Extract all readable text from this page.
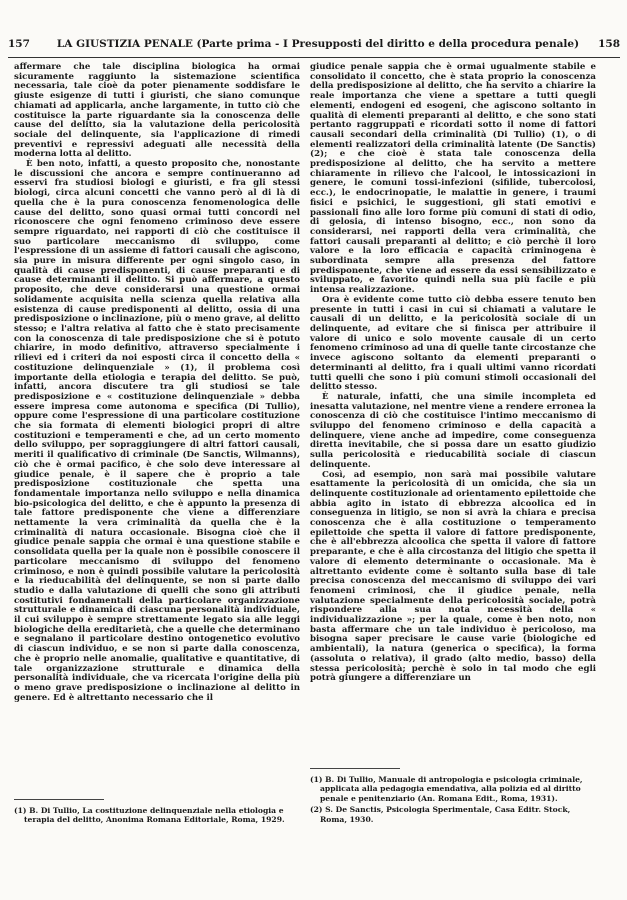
157	LA GIUSTIZIA PENALE (Parte prima - I Presupposti del diritto e della procedura penale)	158

affermare che tale disciplina biologica ha ormai sicuramente raggiunto la sistemazione scientifica necessaria, tale cioè da poter pienamente soddisfare le giuste esigenze di tutti i giuristi, che siano comunque chiamati ad applicarla, anche largamente, in tutto ciò che costituisce la parte riguardante sia la conoscenza delle cause del delitto, sia la valutazione della pericolosità sociale del delinquente, sia l'applicazione di rimedi preventivi e repressivi adeguati alle necessità della moderna lotta al delitto.

È ben noto, infatti, a questo proposito che, nonostante le discussioni che ancora e sempre continueranno ad esservi fra studiosi biologi e giuristi, e fra gli stessi biologi, circa alcuni concetti che vanno però al di là di quella che è la pura conoscenza fenomenologica delle cause del delitto, sono quasi ormai tutti concordi nel riconoscere che ogni fenomeno criminoso deve essere sempre riguardato, nei rapporti di ciò che costituisce il suo particolare meccanismo di sviluppo, come l'espressione di un assieme di fattori causali che agiscono, sia pure in misura differente per ogni singolo caso, in qualità di cause predisponenti, di cause preparanti e di cause determinanti il delitto. Si può affermare, a questo proposito, che deve considerarsi una questione ormai solidamente acquisita nella scienza quella relativa alla esistenza di cause predisponenti al delitto, ossia di una predisposizione o inclinazione, più o meno grave, al delitto stesso; e l'altra relativa al fatto che è stato precisamente con la conoscenza di tale predisposizione che si è potuto chiarire, in modo definitivo, attraverso specialmente i rilievi ed i criteri da noi esposti circa il concetto della « costituzione delinquenziale » (1), il problema così importante della etiologia e terapia del delitto. Se può, infatti, ancora discutere tra gli studiosi se tale predisposizione e « costituzione delinquenziale » debba essere impresa come autonoma e specifica (Di Tullio), oppure come l'espressione di una particolare costituzione che sia formata di elementi biologici propri di altre costituzioni e temperamenti e che, ad un certo momento dello sviluppo, per sopraggiungere di altri fattori causali, meriti il qualificativo di criminale (De Sanctis, Wilmanns), ciò che è ormai pacifico, è che solo deve interessare al giudice penale, è il sapere che è proprio a tale predisposizione costituzionale che spetta una fondamentale importanza nello sviluppo e nella dinamica bio-psicologica del delitto, e che è appunto la presenza di tale fattore predisponente che viene a differenziare nettamente la vera criminalità da quella che è la criminalità di natura occasionale. Bisogna cioè che il giudice penale sappia che ormai è una questione stabile e consolidata quella per la quale non è possibile conoscere il particolare meccanismo di sviluppo del fenomeno criminoso, e non è quindi possibile valutare la pericolosità e la rieducabilità del delinquente, se non si parte dallo studio e dalla valutazione di quelli che sono gli attributi costitutivi fondamentali della particolare organizzazione strutturale e dinamica di ciascuna personalità individuale, il cui sviluppo è sempre strettamente legato sia alle leggi biologiche della ereditarietà, che a quelle che determinano e segnalano il particolare destino ontogenetico evolutivo di ciascun individuo, e se non si parte dalla conoscenza, che è proprio nelle anomalie, qualitative e quantitative, di tale organizzazione strutturale e dinamica della personalità individuale, che va ricercata l'origine della più o meno grave predisposizione o inclinazione al delitto in genere. Ed è altrettanto necessario che il

giudice penale sappia che è ormai ugualmente stabile e consolidato il concetto, che è stata proprio la conoscenza della predisposizione al delitto, che ha servito a chiarire la reale importanza che viene a spettare a tutti quegli elementi, endogeni ed esogeni, che agiscono soltanto in qualità di elementi preparanti al delitto, e che sono stati pertanto raggruppati e ricordati sotto il nome di fattori causali secondari della criminalità (Di Tullio) (1), o di elementi realizzatori della criminalità latente (De Sanctis) (2); e che cioè è stata tale conoscenza della predisposizione al delitto, che ha servito a mettere chiaramente in rilievo che l'alcool, le intossicazioni in genere, le comuni tossi-infezioni (sifilide, tubercolosi, ecc.), le endocrinopatie, le malattie in genere, i traumi fisici e psichici, le suggestioni, gli stati emotivi e passionali fino alle loro forme più comuni di stati di odio, di gelosia, di intenso bisogno, ecc., non sono da considerarsi, nei rapporti della vera criminalità, che fattori causali preparanti al delitto; e ciò perchè il loro valore e la loro efficacia e capacità criminogena è subordinata sempre alla presenza del fattore predisponente, che viene ad essere da essi sensibilizzato e sviluppato, e favorito quindi nella sua più facile e più intensa realizzazione.

Ora è evidente come tutto ciò debba essere tenuto ben presente in tutti i casi in cui si chiamati a valutare le causali di un delitto, e la pericolosità sociale di un delinquente, ad evitare che si finisca per attribuire il valore di unico e solo movente causale di un certo fenomeno criminoso ad una di quelle tante circostanze che invece agiscono soltanto da elementi preparanti o determinanti al delitto, fra i quali ultimi vanno ricordati tutti quelli che sono i più comuni stimoli occasionali del delitto stesso.

È naturale, infatti, che una simile incompleta ed inesatta valutazione, nel mentre viene a rendere erronea la conoscenza di ciò che costituisce l'intimo meccanismo di sviluppo del fenomeno criminoso e della capacità a delinquere, viene anche ad impedire, come conseguenza diretta inevitabile, che si possa dare un esatto giudizio sulla pericolosità e rieducabilità sociale di ciascun delinquente.

Così, ad esempio, non sarà mai possibile valutare esattamente la pericolosità di un omicida, che sia un delinquente costituzionale ad orientamento epilettoide che abbia agito in istato di ebbrezza alcoolica ed in conseguenza in litigio, se non si avrà la chiara e precisa conoscenza che è alla costituzione o temperamento epilettoide che spetta il valore di fattore predisponente, che è all'ebbrezza alcoolica che spetta il valore di fattore preparante, e che è alla circostanza del litigio che spetta il valore di elemento determinante o occasionale. Ma è altrettanto evidente come è soltanto sulla base di tale precisa conoscenza del meccanismo di sviluppo dei vari fenomeni criminosi, che il giudice penale, nella valutazione specialmente della pericolosità sociale, potrà rispondere alla sua nota necessità della « individualizzazione »; per la quale, come è ben noto, non basta affermare che un tale individuo è pericoloso, ma bisogna saper precisare le cause varie (biologiche ed ambientali), la natura (generica o specifica), la forma (assoluta o relativa), il grado (alto medio, basso) della stessa pericolosità; perchè è solo in tal modo che egli potrà giungere a differenziare un

(1) B. Di Tullio, Manuale di antropologia e psicologia criminale, applicata alla pedagogia emendativa, alla polizia ed al diritto penale e penitenziario (An. Romana Edit., Roma, 1931).

(2) S. De Sanctis, Psicologia Sperimentale, Casa Editr. Stock, Roma, 1930.

(1) B. Di Tullio, La costituzione delinquenziale nella etiologia e terapia del delitto, Anonima Romana Editoriale, Roma, 1929.
